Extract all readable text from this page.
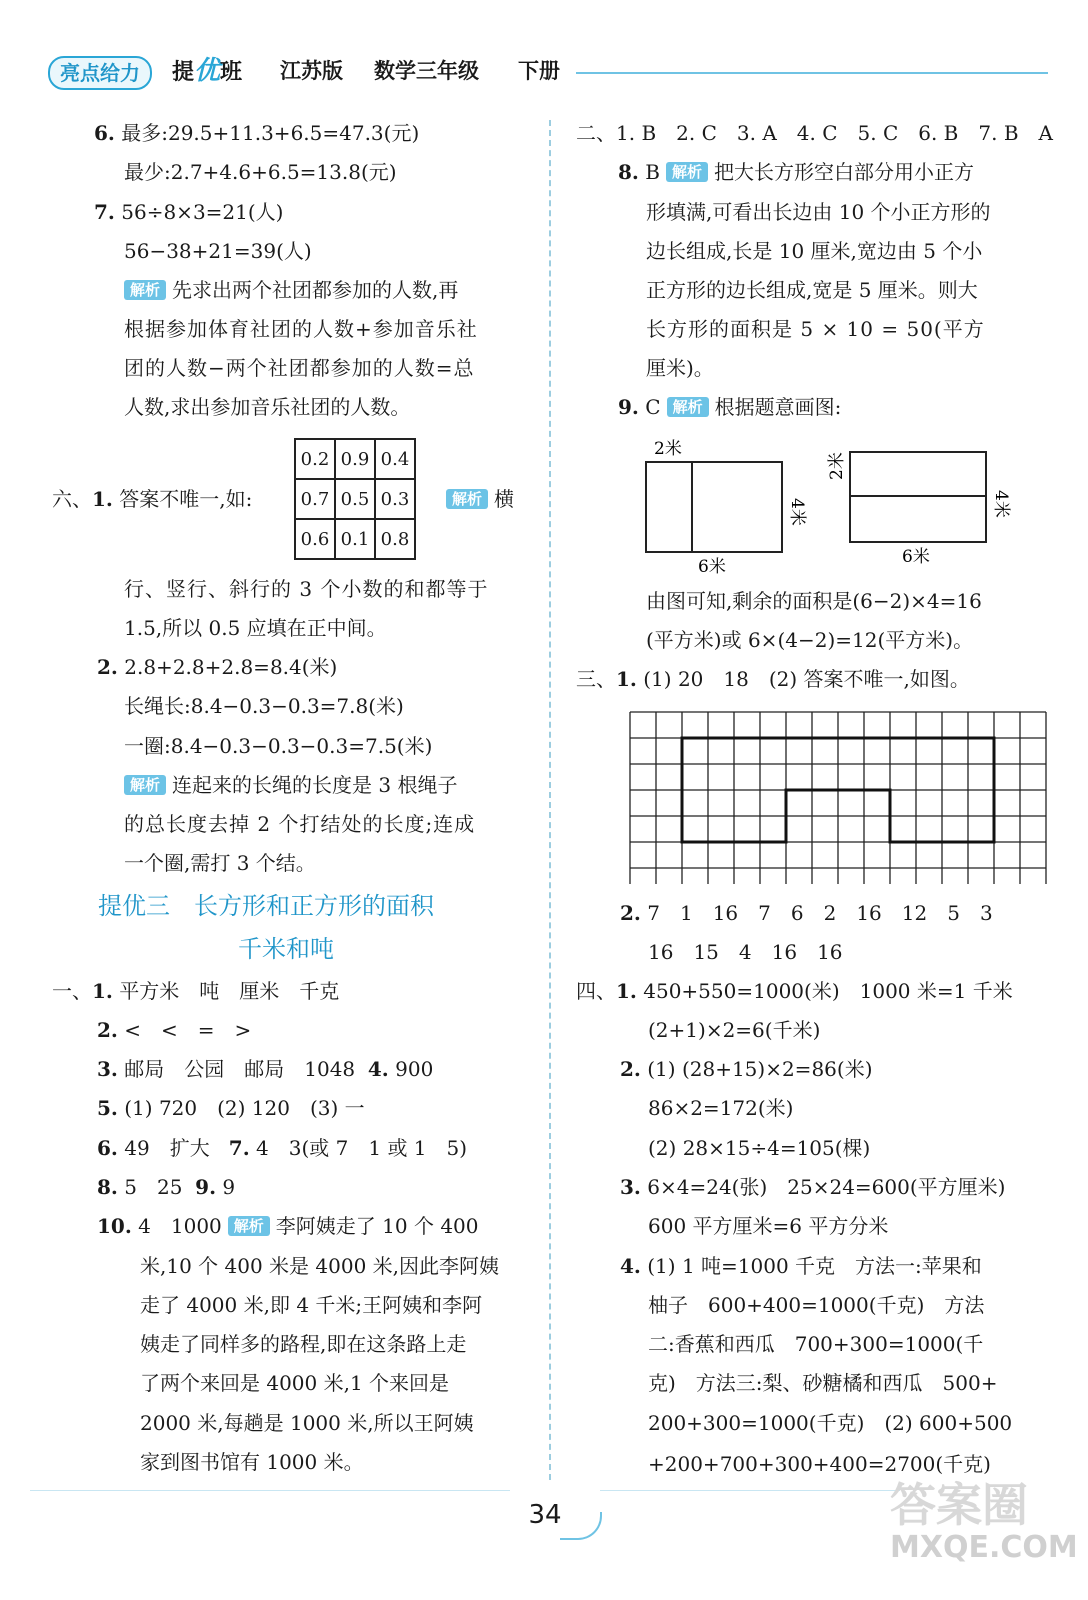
亮点给力	提优班 江苏版 数学三年级 下册
6. 最多:29.5+11.3+6.5=47.3(元)
最少:2.7+4.6+6.5=13.8(元)
7. 56÷8×3=21(人)
56−38+21=39(人)
解析 先求出两个社团都参加的人数,再
根据参加体育社团的人数+参加音乐社
团的人数−两个社团都参加的人数=总
人数,求出参加音乐社团的人数。
六、1. 答案不唯一,如:
0.2	0.9	0.4
0.7	0.5	0.3
0.6	0.1	0.8
解析 横
行、竖行、斜行的 3 个小数的和都等于
1.5,所以 0.5 应填在正中间。
2. 2.8+2.8+2.8=8.4(米)
长绳长:8.4−0.3−0.3=7.8(米)
一圈:8.4−0.3−0.3−0.3=7.5(米)
解析 连起来的长绳的长度是 3 根绳子
的总长度去掉 2 个打结处的长度;连成
一个圈,需打 3 个结。
提优三　长方形和正方形的面积
千米和吨
一、1. 平方米　吨　厘米　千克
2. <　<　=　>
3. 邮局　公园　邮局　1048 4. 900
5. (1) 720　(2) 120　(3) 一
6. 49　扩大 7. 4　3(或 7　1 或 1　5)
8. 5　25 9. 9
10. 4　1000 解析 李阿姨走了 10 个 400
米,10 个 400 米是 4000 米,因此李阿姨
走了 4000 米,即 4 千米;王阿姨和李阿
姨走了同样多的路程,即在这条路上走
了两个来回是 4000 米,1 个来回是
2000 米,每趟是 1000 米,所以王阿姨
家到图书馆有 1000 米。
二、1. B　2. C　3. A　4. C　5. C　6. B　7. B　A
8. B 解析 把大长方形空白部分用小正方
形填满,可看出长边由 10 个小正方形的
边长组成,长是 10 厘米,宽边由 5 个小
正方形的边长组成,宽是 5 厘米。则大
长方形的面积是 5 × 10 = 50(平方
厘米)。
9. C 解析 根据题意画图:
2米
4米
6米
2米
4米
6米
由图可知,剩余的面积是(6−2)×4=16
(平方米)或 6×(4−2)=12(平方米)。
三、1. (1) 20　18　(2) 答案不唯一,如图。
2. 7　1　16　7　6　2　16　12　5　3
16　15　4　16　16
四、1. 450+550=1000(米)　1000 米=1 千米
(2+1)×2=6(千米)
2. (1) (28+15)×2=86(米)
86×2=172(米)
(2) 28×15÷4=105(棵)
3. 6×4=24(张)　25×24=600(平方厘米)
600 平方厘米=6 平方分米
4. (1) 1 吨=1000 千克　方法一:苹果和
柚子　600+400=1000(千克)　方法
二:香蕉和西瓜　700+300=1000(千
克)　方法三:梨、砂糖橘和西瓜　500+
200+300=1000(千克)　(2) 600+500
+200+700+300+400=2700(千克)
34	答案圈
MXQE.COM
